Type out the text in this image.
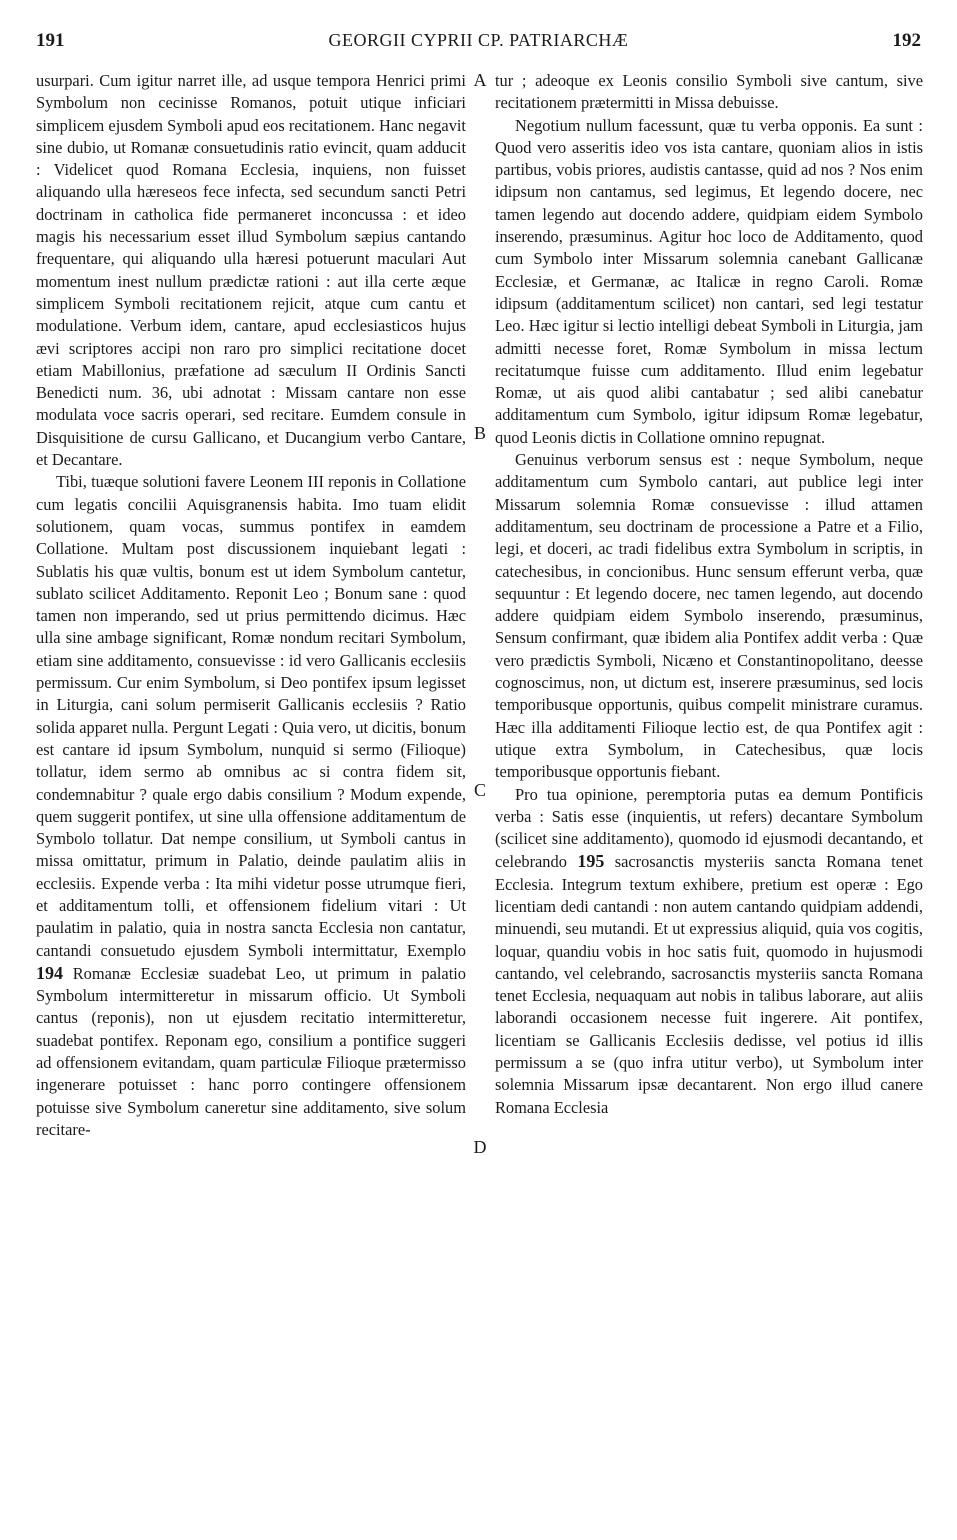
191	GEORGII CYPRII CP. PATRIARCHÆ	192

usurpari. Cum igitur narret ille, ad usque tempora Henrici primi Symbolum non cecinisse Romanos, potuit utique inficiari simplicem ejusdem Symboli apud eos recitationem. Hanc negavit sine dubio, ut Romanæ consuetudinis ratio evincit, quam adducit : Videlicet quod Romana Ecclesia, inquiens, non fuisset aliquando ulla hæreseos fece infecta, sed secundum sancti Petri doctrinam in catholica fide permaneret inconcussa : et ideo magis his necessarium esset illud Symbolum sæpius cantando frequentare, qui aliquando ulla hæresi potuerunt maculari Aut momentum inest nullum prædictæ rationi : aut illa certe æque simplicem Symboli recitationem rejicit, atque cum cantu et modulatione. Verbum idem, cantare, apud ecclesiasticos hujus ævi scriptores accipi non raro pro simplici recitatione docet etiam Mabillonius, præfatione ad sæculum II Ordinis Sancti Benedicti num. 36, ubi adnotat : Missam cantare non esse modulata voce sacris operari, sed recitare. Eumdem consule in Disquisitione de cursu Gallicano, et Ducangium verbo Cantare, et Decantare.

Tibi, tuæque solutioni favere Leonem III reponis in Collatione cum legatis concilii Aquisgranensis habita. Imo tuam elidit solutionem, quam vocas, summus pontifex in eamdem Collatione. Multam post discussionem inquiebant legati : Sublatis his quæ vultis, bonum est ut idem Symbolum cantetur, sublato scilicet Additamento. Reponit Leo ; Bonum sane : quod tamen non imperando, sed ut prius permittendo dicimus. Hæc ulla sine ambage significant, Romæ nondum recitari Symbolum, etiam sine additamento, consuevisse : id vero Gallicanis ecclesiis permissum. Cur enim Symbolum, si Deo pontifex ipsum legisset in Liturgia, cani solum permiserit Gallicanis ecclesiis ? Ratio solida apparet nulla. Pergunt Legati : Quia vero, ut dicitis, bonum est cantare id ipsum Symbolum, nunquid si sermo (Filioque) tollatur, idem sermo ab omnibus ac si contra fidem sit, condemnabitur ? quale ergo dabis consilium ? Modum expende, quem suggerit pontifex, ut sine ulla offensione additamentum de Symbolo tollatur. Dat nempe consilium, ut Symboli cantus in missa omittatur, primum in Palatio, deinde paulatim aliis in ecclesiis. Expende verba : Ita mihi videtur posse utrumque fieri, et additamentum tolli, et offensionem fidelium vitari : Ut paulatim in palatio, quia in nostra sancta Ecclesia non cantatur, cantandi consuetudo ejusdem Symboli intermittatur, Exemplo 194 Romanæ Ecclesiæ suadebat Leo, ut primum in palatio Symbolum intermitteretur in missarum officio. Ut Symboli cantus (reponis), non ut ejusdem recitatio intermitteretur, suadebat pontifex. Reponam ego, consilium a pontifice suggeri ad offensionem evitandam, quam particulæ Filioque prætermisso ingenerare potuisset : hanc porro contingere offensionem potuisse sive Symbolum caneretur sine additamento, sive solum recitare-

A
B
C
D

tur ; adeoque ex Leonis consilio Symboli sive cantum, sive recitationem prætermitti in Missa debuisse.

Negotium nullum facessunt, quæ tu verba opponis. Ea sunt : Quod vero asseritis ideo vos ista cantare, quoniam alios in istis partibus, vobis priores, audistis cantasse, quid ad nos ? Nos enim idipsum non cantamus, sed legimus, Et legendo docere, nec tamen legendo aut docendo addere, quidpiam eidem Symbolo inserendo, præsuminus. Agitur hoc loco de Additamento, quod cum Symbolo inter Missarum solemnia canebant Gallicanæ Ecclesiæ, et Germanæ, ac Italicæ in regno Caroli. Romæ idipsum (additamentum scilicet) non cantari, sed legi testatur Leo. Hæc igitur si lectio intelligi debeat Symboli in Liturgia, jam admitti necesse foret, Romæ Symbolum in missa lectum recitatumque fuisse cum additamento. Illud enim legebatur Romæ, ut ais quod alibi cantabatur ; sed alibi canebatur additamentum cum Symbolo, igitur idipsum Romæ legebatur, quod Leonis dictis in Collatione omnino repugnat.

Genuinus verborum sensus est : neque Symbolum, neque additamentum cum Symbolo cantari, aut publice legi inter Missarum solemnia Romæ consuevisse : illud attamen additamentum, seu doctrinam de processione a Patre et a Filio, legi, et doceri, ac tradi fidelibus extra Symbolum in scriptis, in catechesibus, in concionibus. Hunc sensum efferunt verba, quæ sequuntur : Et legendo docere, nec tamen legendo, aut docendo addere quidpiam eidem Symbolo inserendo, præsuminus, Sensum confirmant, quæ ibidem alia Pontifex addit verba : Quæ vero prædictis Symboli, Nicæno et Constantinopolitano, deesse cognoscimus, non, ut dictum est, inserere præsuminus, sed locis temporibusque opportunis, quibus compelit ministrare curamus. Hæc illa additamenti Filioque lectio est, de qua Pontifex agit : utique extra Symbolum, in Catechesibus, quæ locis temporibusque opportunis fiebant.

Pro tua opinione, peremptoria putas ea demum Pontificis verba : Satis esse (inquientis, ut refers) decantare Symbolum (scilicet sine additamento), quomodo id ejusmodi decantando, et celebrando 195 sacrosanctis mysteriis sancta Romana tenet Ecclesia. Integrum textum exhibere, pretium est operæ : Ego licentiam dedi cantandi : non autem cantando quidpiam addendi, minuendi, seu mutandi. Et ut expressius aliquid, quia vos cogitis, loquar, quandiu vobis in hoc satis fuit, quomodo in hujusmodi cantando, vel celebrando, sacrosanctis mysteriis sancta Romana tenet Ecclesia, nequaquam aut nobis in talibus laborare, aut aliis laborandi occasionem necesse fuit ingerere. Ait pontifex, licentiam se Gallicanis Ecclesiis dedisse, vel potius id illis permissum a se (quo infra utitur verbo), ut Symbolum inter solemnia Missarum ipsæ decantarent. Non ergo illud canere Romana Ecclesia
